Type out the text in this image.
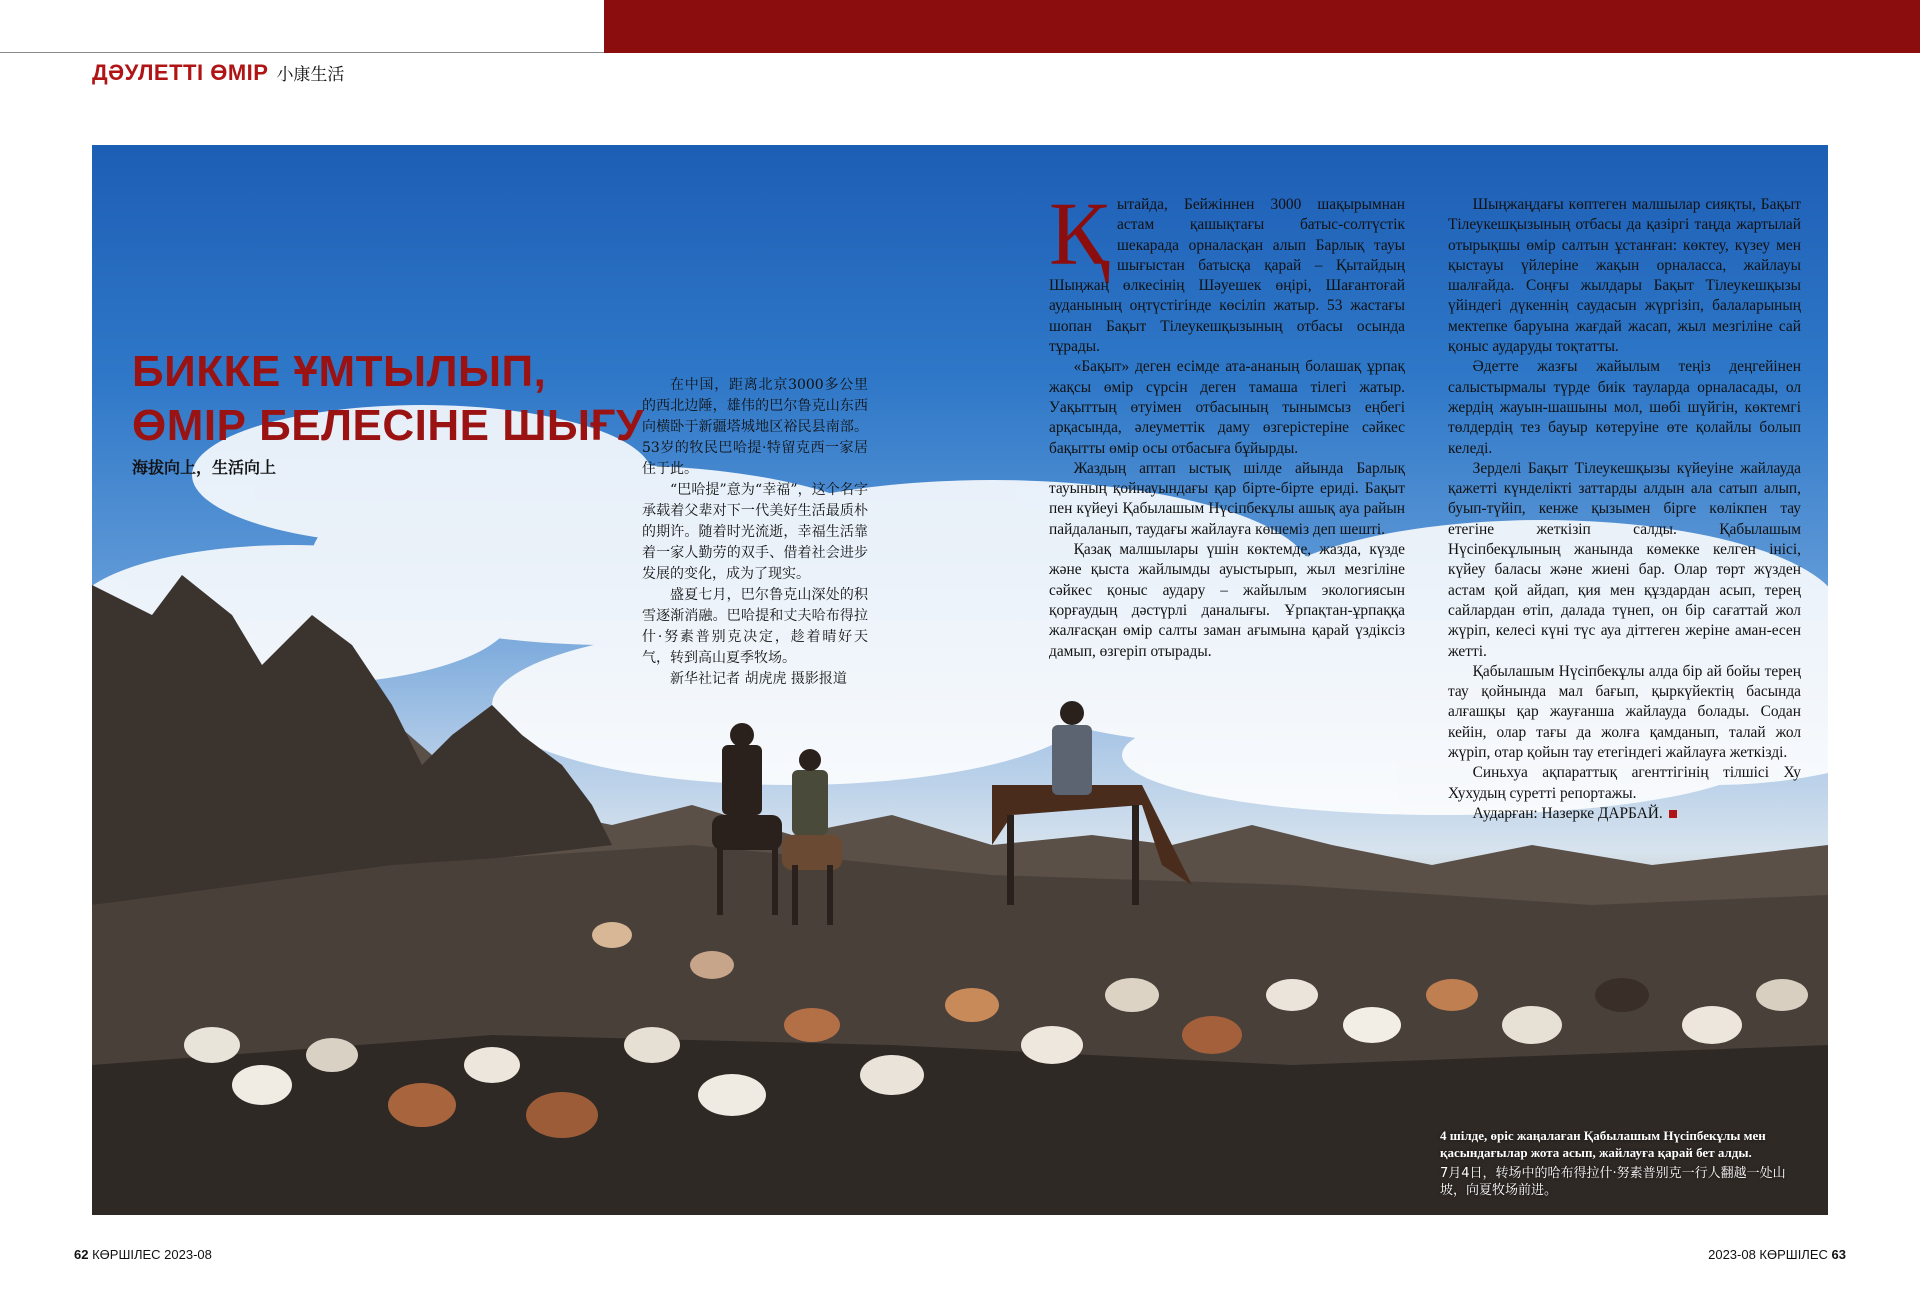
ДӘУЛЕТТІ ӨМІР 小康生活
БИККЕ ҰМТЫЛЫП,
ӨМІР БЕЛЕСІНЕ ШЫҒУ
海拔向上，生活向上

在中国，距离北京3000多公里的西北边陲，雄伟的巴尔鲁克山东西向横卧于新疆塔城地区裕民县南部。53岁的牧民巴哈提·特留克西一家居住于此。

“巴哈提”意为“幸福”，这个名字承载着父辈对下一代美好生活最质朴的期许。随着时光流逝，幸福生活靠着一家人勤劳的双手、借着社会进步发展的变化，成为了现实。

盛夏七月，巴尔鲁克山深处的积雪逐渐消融。巴哈提和丈夫哈布得拉什·努素普别克决定，趁着晴好天气，转到高山夏季牧场。

新华社记者 胡虎虎 摄影报道

Қытайда, Бейжіннен 3000 шақырымнан астам қашықтағы батыс-солтүстік шекарада орналасқан алып Барлық тауы шығыстан батысқа қарай – Қытайдың Шыңжаң өлкесінің Шәуешек өңірі, Шағантоғай ауданының оңтүстігінде көсіліп жатыр. 53 жастағы шопан Бақыт Тілеукешқызының отбасы осында тұрады.

«Бақыт» деген есімде ата-ананың болашақ ұрпақ жақсы өмір сүрсін деген тамаша тілегі жатыр. Уақыттың өтуімен отбасының тынымсыз еңбегі арқасында, әлеуметтік даму өзгерістеріне сәйкес бақытты өмір осы отбасыға бұйырды.

Жаздың аптап ыстық шілде айында Барлық тауының қойнауындағы қар біртe-біртe ериді. Бақыт пен күйеуі Қабылашым Нүсіпбекұлы ашық ауа райын пайдаланып, таудағы жайлауға көшеміз деп шешті.

Қазақ малшылары үшін көктемде, жазда, күзде және қыста жайлымды ауыстырып, жыл мезгіліне сәйкес қоныс аудару – жайылым экологиясын қорғаудың дәстүрлі даналығы. Ұрпақтан-ұрпаққа жалғасқан өмір салты заман ағымына қарай үздіксіз дамып, өзгеріп отырады.

Шыңжаңдағы көптеген малшылар сияқты, Бақыт Тілеукешқызының отбасы да қазіргі таңда жартылай отырықшы өмір салтын ұстанған: көктеу, күзеу мен қыстауы үйлеріне жақын орналасса, жайлауы шалғайда. Соңғы жылдары Бақыт Тілеукешқызы үйіндегі дүкеннің саудасын жүргізіп, балаларының мектепке баруына жағдай жасап, жыл мезгіліне сай қоныс аударуды тоқтатты.

Әдетте жазғы жайылым теңіз деңгейінен салыстырмалы түрде биік тауларда орналасады, ол жердің жауын-шашыны мол, шөбі шүйгін, көктемгі төлдердің тез бауыр көтеруіне өте қолайлы болып келеді.

Зерделі Бақыт Тілеукешқызы күйеуіне жайлауда қажетті күнделікті заттарды алдын ала сатып алып, буып-түйіп, кенже қызымен бірге көлікпен тау етегіне жеткізіп салды. Қабылашым Нүсіпбекұлының жанында көмекке келген інісі, күйеу баласы және жиені бар. Олар төрт жүзден астам қой айдап, қия мен құздардан асып, терең сайлардан өтіп, далада түнеп, он бір сағаттай жол жүріп, келесі күні түс ауа діттеген жеріне аман-есен жетті.

Қабылашым Нүсіпбекұлы алда бір ай бойы терең тау қойнында мал бағып, қыркүйектің басында алғашқы қар жауғанша жайлауда болады. Содан кейін, олар тағы да жолға қамданып, талай жол жүріп, отар қойын тау етегіндегі жайлауға жеткізді.

Синьхуа ақпараттық агенттігінің тілшісі Ху Хухудың суретті репортажы.

Аударған: Назерке ДАРБАЙ.

4 шілде, өріс жаңалаған Қабылашым Нүсіпбекұлы мен қасындағылар жота асып, жайлауға қарай бет алды.
7月4日，转场中的哈布得拉什·努素普别克一行人翻越一处山坡，向夏牧场前进。
62 КӨРШІЛЕС 2023-08	2023-08 КӨРШІЛЕС 63
